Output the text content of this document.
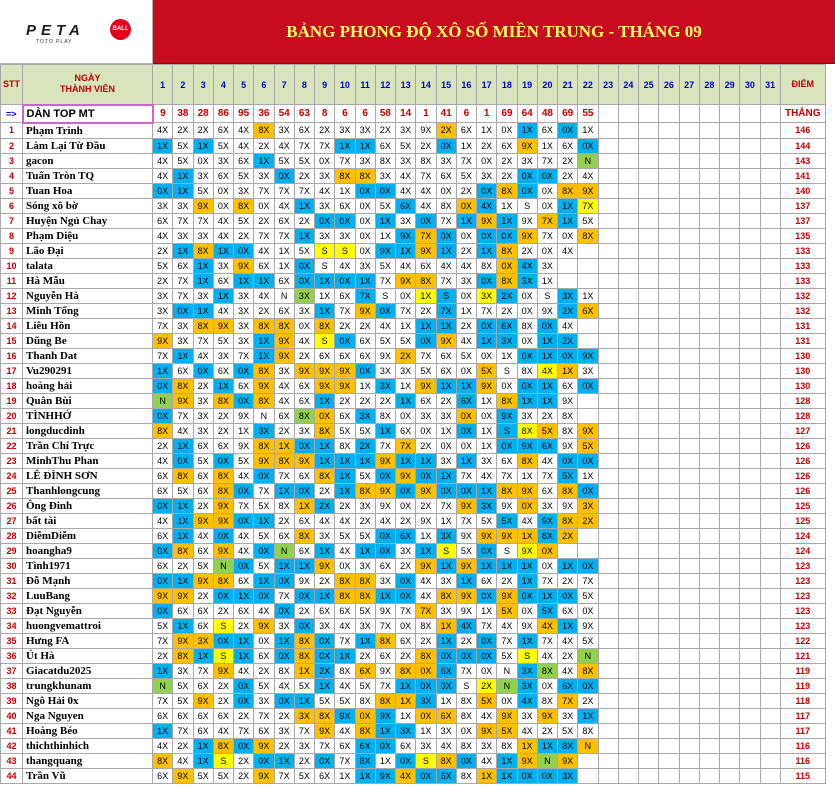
PETA	BALL
TOTO PLAY
BẢNG PHONG ĐỘ XÔ SỐ MIỀN TRUNG - THÁNG 09
STT	NGÀY
THÀNH VIÊN	1	2	3	4	5	6	7	8	9	10	11	12	13	14	15	16	17	18	19	20	21	22	23	24	25	26	27	28	29	30	31	ĐIỂM
=>	DÀN TOP MT	9	38	28	86	95	36	54	63	8	6	6	58	14	1	41	6	1	69	64	48	69	55										THẮNG
1	Phạm Trình	4X	2X	2X	6X	4X	8X	3X	6X	2X	3X	3X	2X	3X	9X	2X	6X	1X	0X	1X	6X	0X	1X										146
2	Làm Lại Từ Đầu	1X	5X	1X	5X	4X	2X	4X	7X	7X	1X	1X	6X	5X	2X	0X	1X	2X	6X	9X	1X	6X	0X										144
3	gacon	4X	5X	0X	3X	6X	1X	5X	5X	0X	7X	3X	8X	3X	8X	3X	7X	0X	2X	3X	7X	2X	N										143
4	Tuấn Tròn TQ	4X	1X	3X	6X	5X	3X	0X	2X	3X	8X	8X	3X	4X	7X	6X	5X	3X	2X	0X	0X	2X	4X										141
5	Tuan Hoa	0X	1X	5X	0X	3X	7X	7X	7X	4X	1X	0X	0X	4X	4X	0X	2X	0X	8X	0X	0X	8X	9X										140
6	Sóng xô bờ	3X	3X	9X	0X	8X	0X	4X	1X	3X	6X	0X	5X	6X	4X	8X	0X	4X	1X	S	0X	1X	7X										137
7	Huyện Ngủ Chay	6X	7X	7X	4X	5X	2X	6X	2X	0X	0X	0X	1X	3X	0X	7X	1X	9X	1X	9X	7X	1X	5X										137
8	Phạm Diệu	4X	3X	3X	4X	2X	7X	7X	1X	3X	3X	0X	1X	9X	7X	0X	0X	0X	0X	9X	7X	0X	8X										135
9	Lão Đại	2X	1X	8X	1X	0X	4X	1X	5X	S	S	0X	9X	1X	9X	1X	2X	1X	8X	2X	0X	4X											133
10	talata	5X	6X	1X	3X	9X	6X	1X	0X	S	4X	3X	5X	4X	6X	4X	4X	8X	0X	4X	3X												133
11	Hà Mẫu	2X	7X	1X	6X	1X	1X	6X	0X	1X	0X	1X	7X	9X	8X	7X	3X	0X	8X	3X	1X												133
12	Nguyễn Hà	3X	7X	3X	1X	3X	4X	N	3X	1X	6X	7X	S	0X	1X	S	0X	3X	2X	0X	S	3X	1X										132
13	Minh Tổng	3X	0X	1X	4X	3X	2X	6X	3X	1X	7X	9X	0X	7X	2X	7X	1X	7X	2X	0X	9X	2X	6X										132
14	Liêu Hồn	7X	3X	8X	9X	3X	8X	8X	0X	8X	2X	2X	4X	1X	1X	1X	2X	0X	6X	8X	0X	4X											131
15	Dũng Be	9X	3X	7X	5X	3X	1X	9X	4X	S	0X	6X	5X	5X	0X	9X	4X	1X	3X	0X	1X	2X											131
16	Thanh Dat	7X	1X	4X	3X	7X	1X	9X	2X	6X	6X	6X	9X	2X	7X	6X	5X	0X	1X	0X	1X	0X	9X										130
17	Vu290291	1X	6X	0X	6X	0X	8X	3X	9X	9X	9X	0X	3X	3X	5X	6X	0X	5X	S	8X	4X	1X	3X										130
18	hoàng hải	0X	8X	2X	1X	6X	9X	4X	6X	9X	9X	1X	3X	1X	9X	1X	1X	9X	0X	0X	1X	6X	0X										130
19	Quân Bùi	N	9X	3X	8X	0X	8X	4X	6X	1X	2X	2X	2X	1X	6X	2X	6X	1X	8X	1X	1X	9X											128
20	TÌNHHỚ	0X	7X	3X	2X	9X	N	6X	8X	0X	6X	3X	8X	0X	3X	3X	0X	0X	9X	3X	2X	8X											128
21	longducdinh	8X	4X	3X	2X	1X	3X	2X	3X	8X	5X	5X	1X	6X	0X	1X	0X	1X	S	8X	5X	8X	9X										127
22	Trần Chí Trực	2X	1X	6X	6X	9X	8X	1X	0X	1X	8X	2X	7X	7X	2X	0X	0X	1X	0X	9X	6X	9X	5X										126
23	MinhThu Phan	4X	0X	5X	0X	5X	9X	8X	9X	1X	1X	1X	9X	1X	1X	3X	1X	3X	6X	8X	4X	0X	0X										126
24	LÊ ĐÌNH SƠN	6X	8X	6X	8X	4X	0X	7X	6X	8X	1X	5X	0X	9X	0X	1X	7X	4X	7X	1X	7X	5X	1X										126
25	Thanhlongcung	6X	5X	6X	8X	0X	7X	1X	0X	2X	1X	8X	9X	0X	9X	0X	0X	1X	8X	9X	6X	8X	0X										126
26	Ông Đinh	0X	1X	2X	9X	7X	5X	8X	1X	2X	2X	3X	9X	0X	2X	7X	9X	3X	9X	0X	3X	9X	3X										125
27	bất tài	4X	1X	9X	9X	0X	1X	2X	6X	4X	4X	2X	4X	2X	9X	1X	7X	5X	5X	4X	9X	8X	2X										125
28	DiễmDiễm	6X	1X	4X	0X	4X	5X	6X	8X	3X	5X	5X	0X	6X	1X	3X	9X	9X	9X	1X	8X	2X											124
29	hoangha9	0X	8X	6X	9X	4X	0X	N	6X	1X	4X	1X	0X	3X	1X	S	5X	0X	S	9X	0X												124
30	Tình1971	6X	2X	5X	N	0X	5X	1X	1X	9X	0X	3X	6X	2X	9X	1X	9X	1X	1X	1X	0X	1X	0X										123
31	Đỗ Mạnh	0X	1X	9X	8X	6X	1X	0X	9X	2X	8X	8X	3X	0X	4X	3X	1X	6X	2X	1X	7X	2X	7X										123
32	LuuBang	9X	9X	2X	0X	1X	0X	7X	0X	1X	8X	8X	1X	0X	4X	8X	9X	0X	9X	0X	1X	0X	5X										123
33	Đạt Nguyễn	0X	6X	6X	2X	6X	4X	0X	2X	6X	6X	5X	9X	7X	7X	3X	9X	1X	5X	0X	5X	6X	0X										123
34	huongvemattroi	5X	1X	6X	S	2X	9X	3X	0X	3X	4X	3X	7X	0X	8X	1X	4X	7X	4X	9X	4X	1X	9X										123
35	Hưng FA	7X	9X	3X	0X	1X	0X	1X	8X	0X	7X	1X	8X	6X	2X	1X	2X	0X	7X	1X	7X	4X	5X										122
36	Út Hà	2X	8X	1X	S	1X	6X	0X	8X	0X	1X	2X	6X	2X	8X	0X	0X	0X	5X	S	4X	2X	N										121
37	Giacatdu2025	1X	3X	7X	9X	4X	2X	8X	1X	2X	8X	6X	9X	8X	0X	6X	7X	0X	N	3X	8X	4X	8X										119
38	trungkhunam	N	5X	6X	2X	0X	5X	4X	5X	1X	4X	5X	7X	1X	0X	0X	S	2X	N	3X	0X	6X	0X										119
39	Ngô Hải 0x	7X	5X	9X	2X	0X	3X	0X	1X	5X	5X	8X	8X	1X	3X	1X	8X	5X	0X	4X	8X	7X	2X										118
40	Nga Nguyen	6X	6X	6X	6X	2X	7X	2X	3X	8X	9X	0X	9X	1X	0X	6X	8X	4X	9X	3X	9X	3X	1X										117
41	Hoàng Béo	1X	7X	6X	4X	7X	6X	3X	7X	9X	4X	8X	1X	3X	1X	3X	0X	9X	5X	4X	2X	5X	8X										117
42	thichthinhich	4X	2X	1X	8X	0X	9X	2X	3X	7X	6X	6X	0X	6X	3X	4X	8X	3X	8X	1X	1X	8X	N										116
43	thangquang	8X	4X	1X	S	2X	0X	1X	2X	0X	7X	8X	1X	0X	S	8X	0X	4X	1X	9X	N	9X											116
44	Trần Vũ	6X	9X	5X	5X	2X	9X	7X	5X	6X	1X	1X	9X	4X	0X	6X	8X	1X	1X	0X	0X	3X											115
